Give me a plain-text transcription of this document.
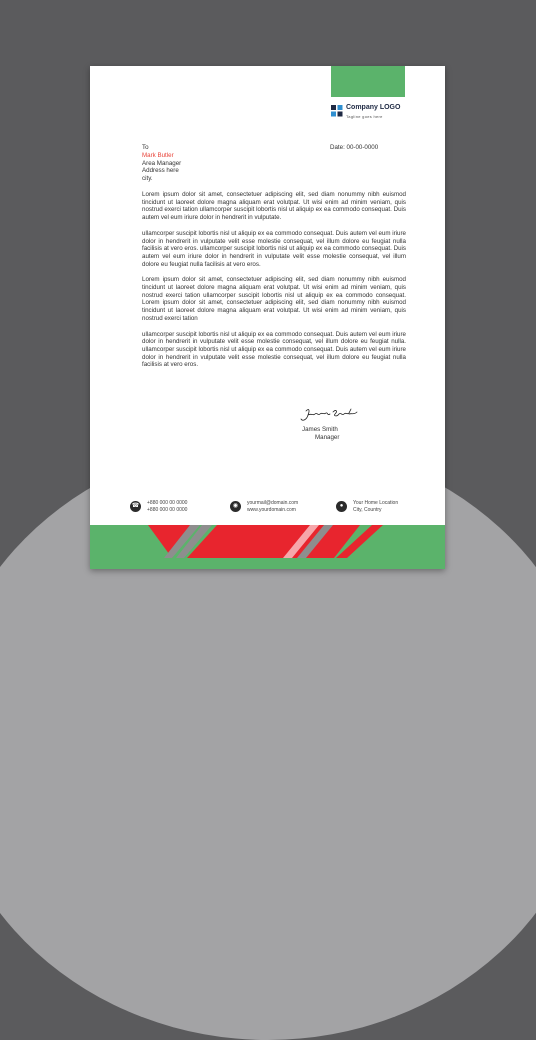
Company LOGO
Tagline goes here
Date: 00-00-0000
To
Mark Butler
Area Manager
Address here
city.

Lorem ipsum dolor sit amet, consectetuer adipiscing elit, sed diam nonummy nibh euismod tincidunt ut laoreet dolore magna aliquam erat volutpat. Ut wisi enim ad minim veniam, quis nostrud exerci tation ullamcorper suscipit lobortis nisl ut aliquip ex ea commodo consequat. Duis autem vel eum iriure dolor in hendrerit in vulputate.

ullamcorper suscipit lobortis nisl ut aliquip ex ea commodo consequat. Duis autem vel eum iriure dolor in hendrerit in vulputate velit esse molestie consequat, vel illum dolore eu feugiat nulla facilisis at vero eros. ullamcorper suscipit lobortis nisl ut aliquip ex ea commodo consequat. Duis autem vel eum iriure dolor in hendrerit in vulputate velit esse molestie consequat, vel illum dolore eu feugiat nulla facilisis at vero eros.

Lorem ipsum dolor sit amet, consectetuer adipiscing elit, sed diam nonummy nibh euismod tincidunt ut laoreet dolore magna aliquam erat volutpat. Ut wisi enim ad minim veniam, quis nostrud exerci tation ullamcorper suscipit lobortis nisl ut aliquip ex ea commodo consequat. Lorem ipsum dolor sit amet, consectetuer adipiscing elit, sed diam nonummy nibh euismod tincidunt ut laoreet dolore magna aliquam erat volutpat. Ut wisi enim ad minim veniam, quis nostrud exerci tation

ullamcorper suscipit lobortis nisl ut aliquip ex ea commodo consequat. Duis autem vel eum iriure dolor in hendrerit in vulputate velit esse molestie consequat, vel illum dolore eu feugiat nulla. ullamcorper suscipit lobortis nisl ut aliquip ex ea commodo consequat. Duis autem vel eum iriure dolor in hendrerit in vulputate velit esse molestie consequat, vel illum dolore eu feugiat nulla facilisis at vero eros.

James Smith
Manager
☎	+880 000 00 0000
+880 000 00 0000
◉	yourmail@domain.com
www.yourdomain.com
●	Your Home Location
City, Country
